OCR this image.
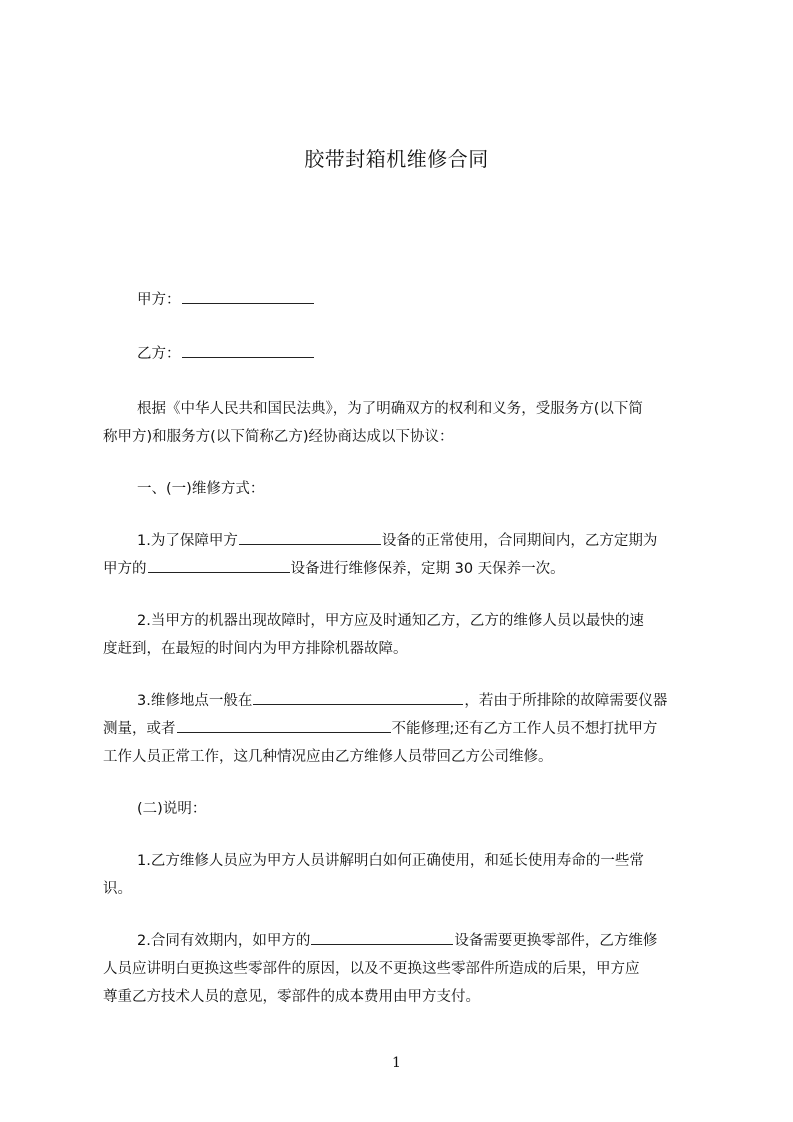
胶带封箱机维修合同
甲方：
乙方：
根据《中华人民共和国民法典》，为了明确双方的权利和义务，受服务方(以下简
称甲方)和服务方(以下简称乙方)经协商达成以下协议：
一、(一)维修方式：
1.为了保障甲方	设备的正常使用，合同期间内，乙方定期为
甲方的	设备进行维修保养，定期 30 天保养一次。
2.当甲方的机器出现故障时，甲方应及时通知乙方，乙方的维修人员以最快的速
度赶到，在最短的时间内为甲方排除机器故障。
3.维修地点一般在	，若由于所排除的故障需要仪器
测量，或者	不能修理;还有乙方工作人员不想打扰甲方
工作人员正常工作，这几种情况应由乙方维修人员带回乙方公司维修。
(二)说明：
1.乙方维修人员应为甲方人员讲解明白如何正确使用，和延长使用寿命的一些常
识。
2.合同有效期内，如甲方的	设备需要更换零部件，乙方维修
人员应讲明白更换这些零部件的原因，以及不更换这些零部件所造成的后果，甲方应
尊重乙方技术人员的意见，零部件的成本费用由甲方支付。
1
